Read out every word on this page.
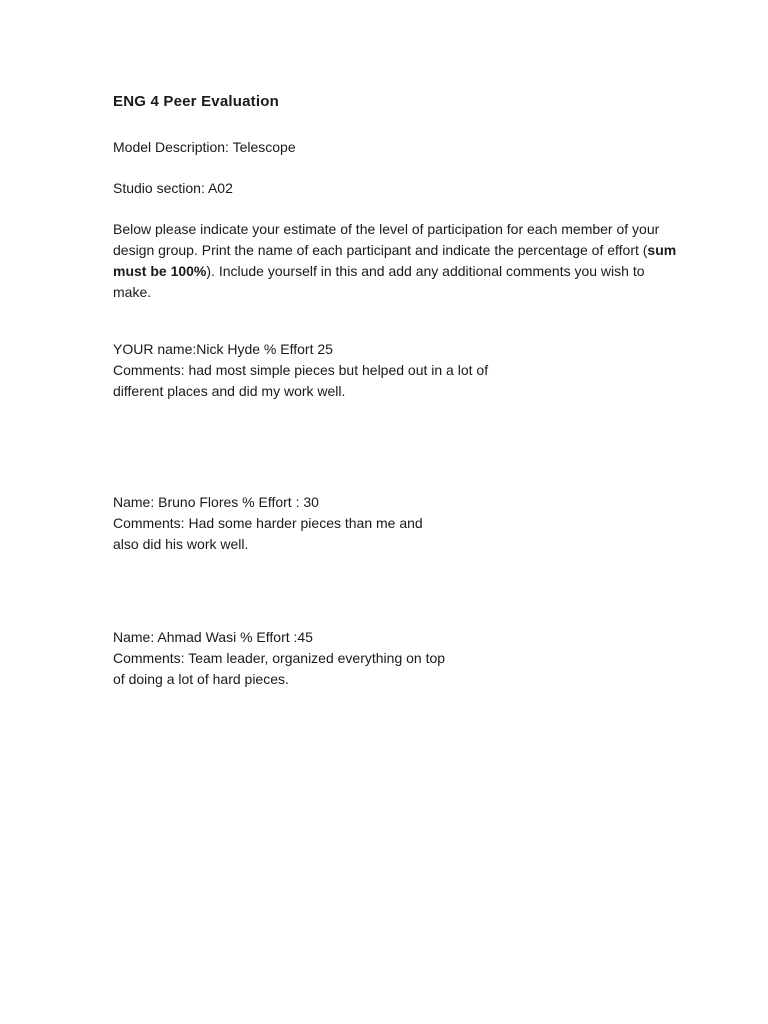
ENG 4 Peer Evaluation
Model Description: Telescope
Studio section: A02
Below please indicate your estimate of the level of participation for each member of your design group. Print the name of each participant and indicate the percentage of effort (sum must be 100%). Include yourself in this and add any additional comments you wish to make.
YOUR name:Nick Hyde % Effort 25
Comments: had most simple pieces but helped out in a lot of
different places and did my work well.
Name: Bruno Flores % Effort : 30
Comments: Had some harder pieces than me and
also did his work well.
Name: Ahmad Wasi % Effort :45
Comments: Team leader, organized everything on top
of doing a lot of hard pieces.
